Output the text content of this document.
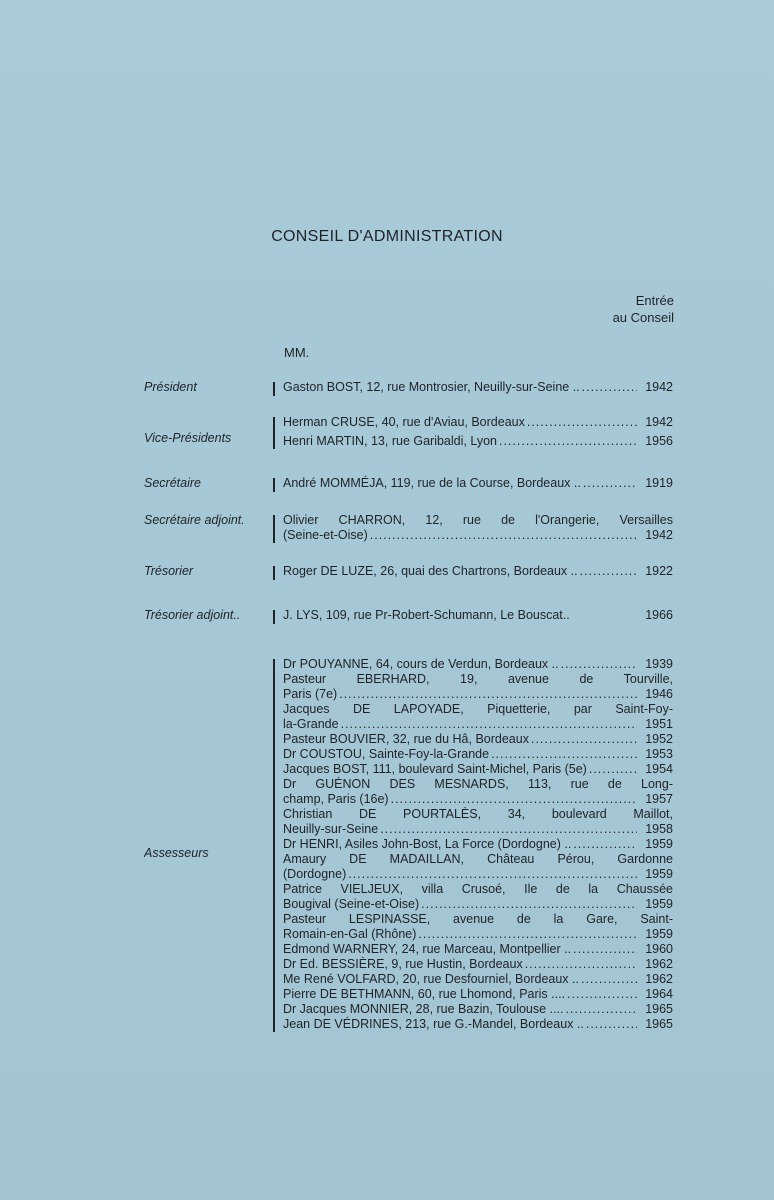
CONSEIL D'ADMINISTRATION
Entrée
au Conseil
MM.
Président	Gaston BOST, 12, rue Montrosier, Neuilly-sur-Seine .. .....	1942
Vice-Présidents
Herman CRUSE, 40, rue d'Aviau, Bordeaux .....	1942
Henri MARTIN, 13, rue Garibaldi, Lyon .....	1956
Secrétaire	André MOMMÉJA, 119, rue de la Course, Bordeaux .. .....	1919
Secrétaire adjoint.	Olivier CHARRON, 12, rue de l'Orangerie, Versailles
(Seine-et-Oise) .....	1942
Trésorier	Roger DE LUZE, 26, quai des Chartrons, Bordeaux .. .....	1922
Trésorier adjoint..	J. LYS, 109, rue Pr-Robert-Schumann, Le Bouscat..	1966
Assesseurs
Dr POUYANNE, 64, cours de Verdun, Bordeaux .. .....	1939
Pasteur EBERHARD, 19, avenue de Tourville,
Paris (7e) .....	1946
Jacques DE LAPOYADE, Piquetterie, par Saint-Foy-
la-Grande .....	1951
Pasteur BOUVIER, 32, rue du Hâ, Bordeaux .....	1952
Dr COUSTOU, Sainte-Foy-la-Grande .....	1953
Jacques BOST, 111, boulevard Saint-Michel, Paris (5e) .....	1954
Dr GUÉNON DES MESNARDS, 113, rue de Long-
champ, Paris (16e) .....	1957
Christian DE POURTALÈS, 34, boulevard Maillot,
Neuilly-sur-Seine .....	1958
Dr HENRI, Asiles John-Bost, La Force (Dordogne) .. .....	1959
Amaury DE MADAILLAN, Château Pérou, Gardonne
(Dordogne) .....	1959
Patrice VIELJEUX, villa Crusoé, Ile de la Chaussée
Bougival (Seine-et-Oise) .....	1959
Pasteur LESPINASSE, avenue de la Gare, Saint-
Romain-en-Gal (Rhône) .....	1959
Edmond WARNERY, 24, rue Marceau, Montpellier .. .....	1960
Dr Ed. BESSIÈRE, 9, rue Hustin, Bordeaux .....	1962
Me René VOLFARD, 20, rue Desfourniel, Bordeaux .. .....	1962
Pierre DE BETHMANN, 60, rue Lhomond, Paris .... .....	1964
Dr Jacques MONNIER, 28, rue Bazin, Toulouse .... .....	1965
Jean DE VÉDRINES, 213, rue G.-Mandel, Bordeaux .. .....	1965
